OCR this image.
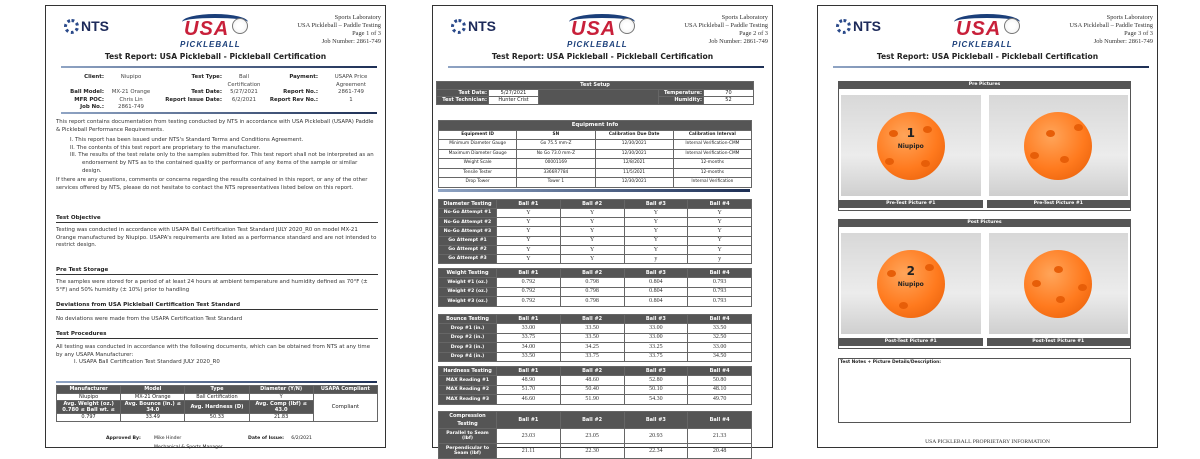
NTS	USA
PICKLEBALL
Sports Laboratory
USA Pickleball – Paddle Testing
Page 1 of 3
Job Number: 2861-749
Test Report: USA Pickleball - Pickleball Certification
Client:	Niupipo	Test Type:	Ball Certification
Payment:	USAPA Price Agreement
Ball Model:	MX-21 Orange	Test Date:	5/27/2021	Report No.:	2861-749
MFR POC:	Chris Lin	Report Issue Date:	6/2/2021	Report Rev No.:	1
Job No.:	2861-749
This report contains documentation from testing conducted by NTS in accordance with USA Pickleball (USAPA) Paddle & Pickleball Performance Requirements.
I. This report has been issued under NTS's Standard Terms and Conditions Agreement.
II. The contents of this test report are proprietary to the manufacturer.
III. The results of the test relate only to the samples submitted for. This test report shall not be interpreted as an endorsement by NTS as to the contained quality or performance of any items of the sample or similar design.
If there are any questions, comments or concerns regarding the results contained in this report, or any of the other services offered by NTS, please do not hesitate to contact the NTS representatives listed below on this report.
Test Objective
Testing was conducted in accordance with USAPA Ball Certification Test Standard JULY 2020_R0 on model MX-21 Orange manufactured by Niupipo. USAPA's requirements are listed as a performance standard and are not intended to restrict design.
Pre Test Storage
The samples were stored for a period of at least 24 hours at ambient temperature and humidity defined as 70°F (± 5°F) and 50% humidity (± 10%) prior to handling
Deviations from USA Pickleball Certification Test Standard
No deviations were made from the USAPA Certification Test Standard
Test Procedures
All testing was conducted in accordance with the following documents, which can be obtained from NTS at any time by any USAPA Manufacturer:
I. USAPA Ball Certification Test Standard JULY 2020_R0
Manufacturer	Model	Type	Diameter (Y/N)	USAPA Compliant
Niupipo	MX-21 Orange	Ball Certification	Y	Compliant
Avg. Weight (oz.) 0.780 ≤ Ball wt. ≤	Avg. Bounce (in.) ≤ 34.0	Avg. Hardness (D)	Avg. Comp (lbf) ≤ 43.0	
0.797	33.49	50.33	21.83	
Approved By:	Mike Hinder
Mechanical & Sports Manager
Date of Issue: 6/2/2021
NTS	USA
PICKLEBALL
Sports Laboratory
USA Pickleball – Paddle Testing
Page 2 of 3
Job Number: 2861-749
Test Report: USA Pickleball - Pickleball Certification
Test Setup				
Test Date:	5/27/2021		Temperature:	70
Test Technician:	Hunter Crist		Humidity:	52
Equipment Info			
Equipment ID	SN	Calibration Due Date	Calibration Interval
Minimum Diameter Gauge	Go 75.5 mm-Z	12/30/2021	Internal Verification-CMM
Maximum Diameter Gauge	No Go 73.0 mm-Z	12/30/2021	Internal Verification-CMM
Weight Scale	00001169	12/8/2021	12-months
Tensile Tester	3366R7784	11/5/2021	12-months
Drop Tower	Tower 1	12/30/2021	Internal Verification
Diameter Testing	Ball #1	Ball #2	Ball #3	Ball #4
No-Go Attempt #1	Y	Y	Y	Y
No-Go Attempt #2	Y	Y	Y	Y
No-Go Attempt #3	Y	Y	Y	Y
Go Attempt #1	Y	Y	Y	Y
Go Attempt #2	Y	Y	Y	Y
Go Attempt #3	Y	Y	y	y
Weight Testing	Ball #1	Ball #2	Ball #3	Ball #4
Weight #1 (oz.)	0.792	0.798	0.804	0.793
Weight #2 (oz.)	0.792	0.798	0.804	0.793
Weight #3 (oz.)	0.792	0.798	0.804	0.793
Bounce Testing	Ball #1	Ball #2	Ball #3	Ball #4
Drop #1 (in.)	33.00	33.50	33.00	33.50
Drop #2 (in.)	33.75	33.50	33.00	32.50
Drop #3 (in.)	34.00	34.25	33.25	33.00
Drop #4 (in.)	33.50	33.75	33.75	34.50
Hardness Testing	Ball #1	Ball #2	Ball #3	Ball #4
MAX Reading #1	48.90	48.60	52.80	50.80
MAX Reading #2	51.70	50.40	50.10	48.10
MAX Reading #3	46.60	51.90	54.30	49.70
Compression Testing	Ball #1	Ball #2	Ball #3	Ball #4
Parallel to Seam (lbf)	23.03	23.05	20.93	21.33
Perpendicular to Seam (lbf)	21.11	22.30	22.34	20.48
NTS	USA
PICKLEBALL
Sports Laboratory
USA Pickleball – Paddle Testing
Page 3 of 3
Job Number: 2861-749
Test Report: USA Pickleball - Pickleball Certification
Pre Pictures
1
Niupipo
Pre-Test Picture #1	Pre-Test Picture #1
Post Pictures
2
Niupipo
Post-Test Picture #1	Post-Test Picture #1
Test Notes + Picture Details/Description:
USA PICKLEBALL PROPRIETARY INFORMATION
